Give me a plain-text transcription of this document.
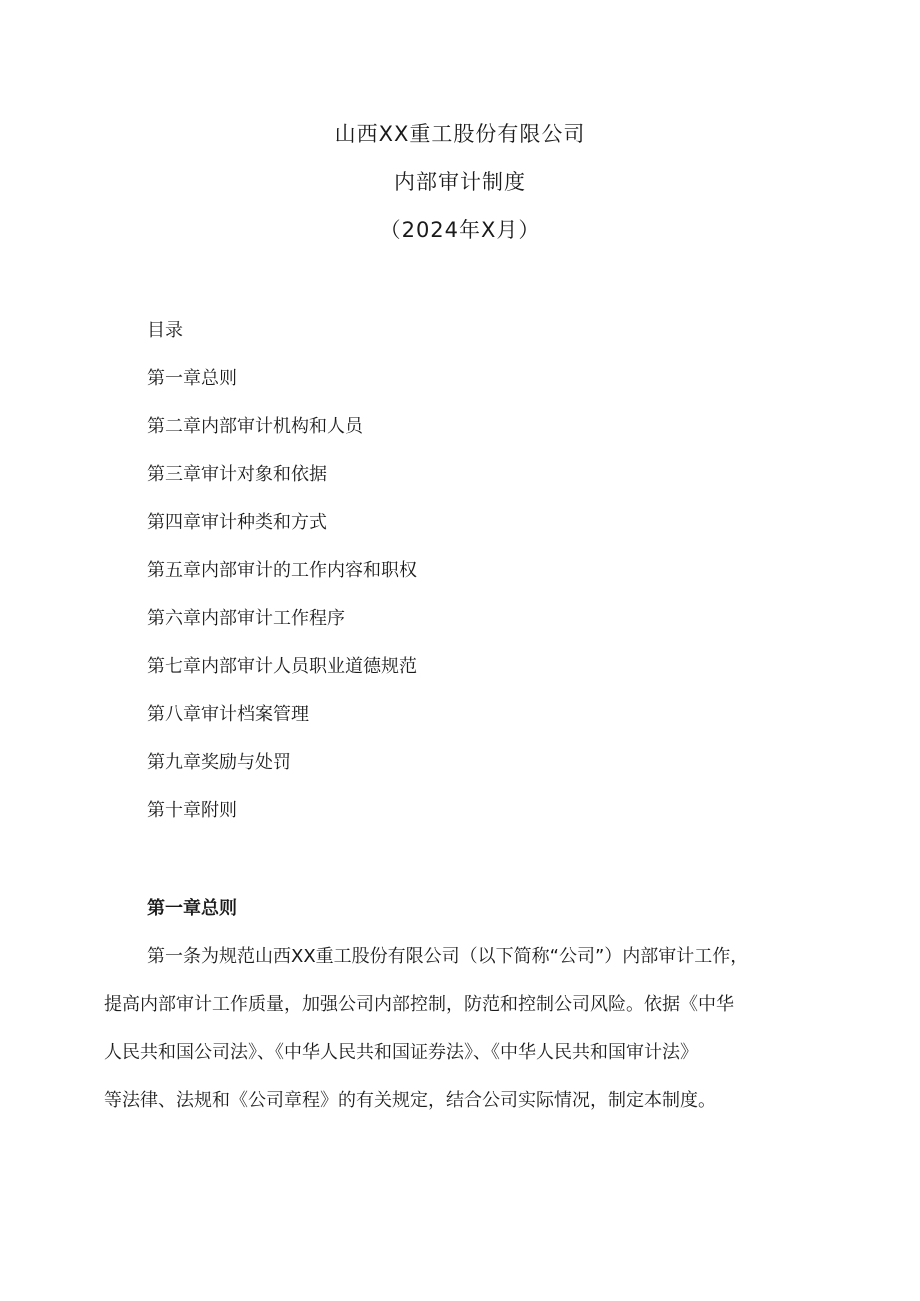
山西XX重工股份有限公司
内部审计制度
（2024年X月）
目录
第一章总则
第二章内部审计机构和人员
第三章审计对象和依据
第四章审计种类和方式
第五章内部审计的工作内容和职权
第六章内部审计工作程序
第七章内部审计人员职业道德规范
第八章审计档案管理
第九章奖励与处罚
第十章附则
第一章总则
第一条为规范山西XX重工股份有限公司（以下简称“公司”）内部审计工作，
提高内部审计工作质量，加强公司内部控制，防范和控制公司风险。依据《中华
人民共和国公司法》、《中华人民共和国证券法》、《中华人民共和国审计法》
等法律、法规和《公司章程》的有关规定，结合公司实际情况，制定本制度。
